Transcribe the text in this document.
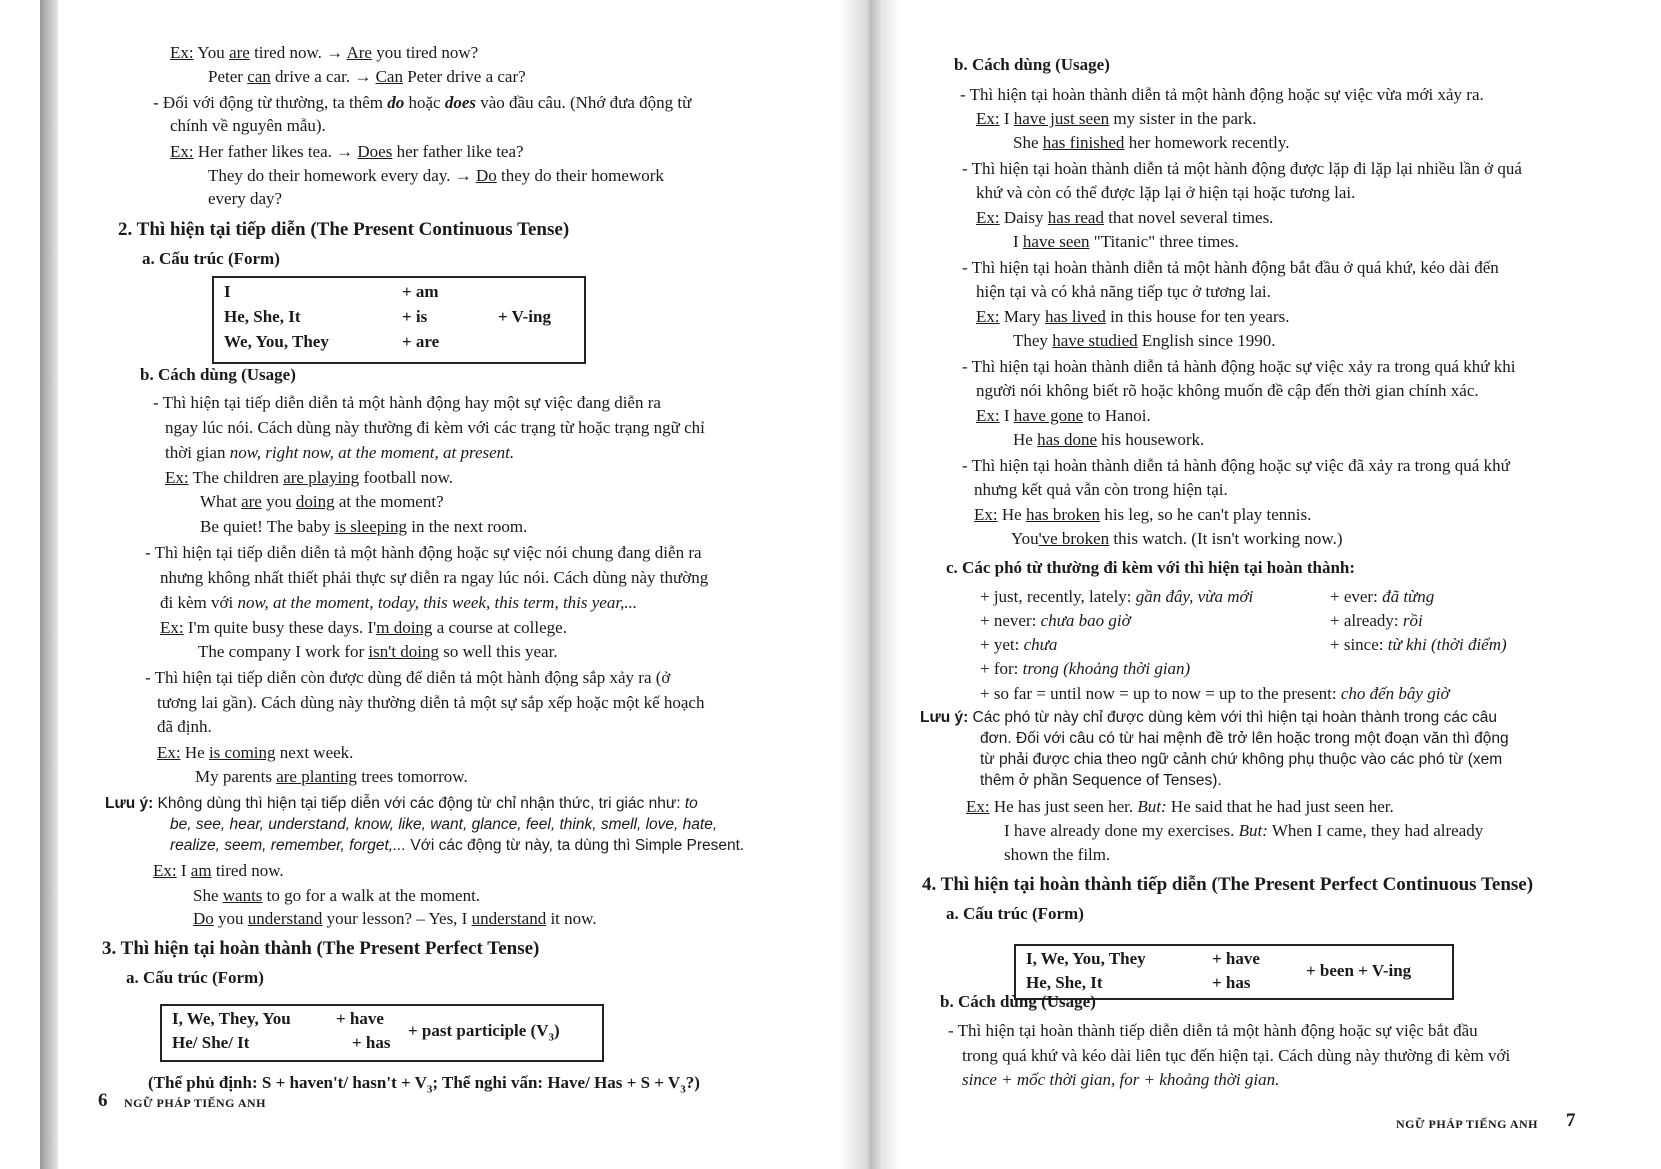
I	+ am
He, She, It	+ is
We, You, They	+ are
+ V-ing
I, We, They, You	+ have
He/ She/ It	+ has
+ past participle $(V_3)$
6 NGỮ PHÁP TIẾNG ANH
Ex: You are tired now. → Are you tired now?
Peter can drive a car. → Can Peter drive a car?
- Đối với động từ thường, ta thêm do hoặc does vào đầu câu. (Nhớ đưa động từ
chính về nguyên mẫu).
Ex: Her father likes tea. → Does her father like tea?
They do their homework every day. → Do they do their homework
every day?
2. Thì hiện tại tiếp diễn (The Present Continuous Tense)
a. Cấu trúc (Form)
b. Cách dùng (Usage)
- Thì hiện tại tiếp diễn diễn tả một hành động hay một sự việc đang diễn ra
ngay lúc nói. Cách dùng này thường đi kèm với các trạng từ hoặc trạng ngữ chỉ
thời gian now, right now, at the moment, at present.
Ex: The children are playing football now.
What are you doing at the moment?
Be quiet! The baby is sleeping in the next room.
- Thì hiện tại tiếp diễn diễn tả một hành động hoặc sự việc nói chung đang diễn ra
nhưng không nhất thiết phải thực sự diễn ra ngay lúc nói. Cách dùng này thường
đi kèm với now, at the moment, today, this week, this term, this year,...
Ex: I'm quite busy these days. I'm doing a course at college.
The company I work for isn't doing so well this year.
- Thì hiện tại tiếp diễn còn được dùng để diễn tả một hành động sắp xảy ra (ở
tương lai gần). Cách dùng này thường diễn tả một sự sắp xếp hoặc một kế hoạch
đã định.
Ex: He is coming next week.
My parents are planting trees tomorrow.
Lưu ý: Không dùng thì hiện tại tiếp diễn với các động từ chỉ nhận thức, tri giác như: to
be, see, hear, understand, know, like, want, glance, feel, think, smell, love, hate,
realize, seem, remember, forget,... Với các động từ này, ta dùng thì Simple Present.
Ex: I am tired now.
She wants to go for a walk at the moment.
Do you understand your lesson? – Yes, I understand it now.
3. Thì hiện tại hoàn thành (The Present Perfect Tense)
a. Cấu trúc (Form)
(Thể phủ định: S + haven't/ hasn't + $V_3$; Thể nghi vấn: Have/ Has + $S + V_3$?)
I, We, You, They	+ have
He, She, It	+ has
+ been + V-ing
NGỮ PHÁP TIẾNG ANH 7
b. Cách dùng (Usage)
- Thì hiện tại hoàn thành diễn tả một hành động hoặc sự việc vừa mới xảy ra.
Ex: I have just seen my sister in the park.
She has finished her homework recently.
- Thì hiện tại hoàn thành diễn tả một hành động được lặp đi lặp lại nhiều lần ở quá
khứ và còn có thể được lặp lại ở hiện tại hoặc tương lai.
Ex: Daisy has read that novel several times.
I have seen "Titanic" three times.
- Thì hiện tại hoàn thành diễn tả một hành động bắt đầu ở quá khứ, kéo dài đến
hiện tại và có khả năng tiếp tục ở tương lai.
Ex: Mary has lived in this house for ten years.
They have studied English since 1990.
- Thì hiện tại hoàn thành diễn tả hành động hoặc sự việc xảy ra trong quá khứ khi
người nói không biết rõ hoặc không muốn đề cập đến thời gian chính xác.
Ex: I have gone to Hanoi.
He has done his housework.
- Thì hiện tại hoàn thành diễn tả hành động hoặc sự việc đã xảy ra trong quá khứ
nhưng kết quả vẫn còn trong hiện tại.
Ex: He has broken his leg, so he can't play tennis.
You've broken this watch. (It isn't working now.)
c. Các phó từ thường đi kèm với thì hiện tại hoàn thành:
+ just, recently, lately: gần đây, vừa mới	+ ever: đã từng
+ never: chưa bao giờ	+ already: rồi
+ yet: chưa	+ since: từ khi (thời điểm)
+ for: trong (khoảng thời gian)
+ so far = until now = up to now = up to the present: cho đến bây giờ
Lưu ý: Các phó từ này chỉ được dùng kèm với thì hiện tại hoàn thành trong các câu
đơn. Đối với câu có từ hai mệnh đề trở lên hoặc trong một đoạn văn thì động
từ phải được chia theo ngữ cảnh chứ không phụ thuộc vào các phó từ (xem
thêm ở phần Sequence of Tenses).
Ex: He has just seen her. But: He said that he had just seen her.
I have already done my exercises. But: When I came, they had already
shown the film.
4. Thì hiện tại hoàn thành tiếp diễn (The Present Perfect Continuous Tense)
a. Cấu trúc (Form)
b. Cách dùng (Usage)
- Thì hiện tại hoàn thành tiếp diễn diễn tả một hành động hoặc sự việc bắt đầu
trong quá khứ và kéo dài liên tục đến hiện tại. Cách dùng này thường đi kèm với
since + mốc thời gian, for + khoảng thời gian.
